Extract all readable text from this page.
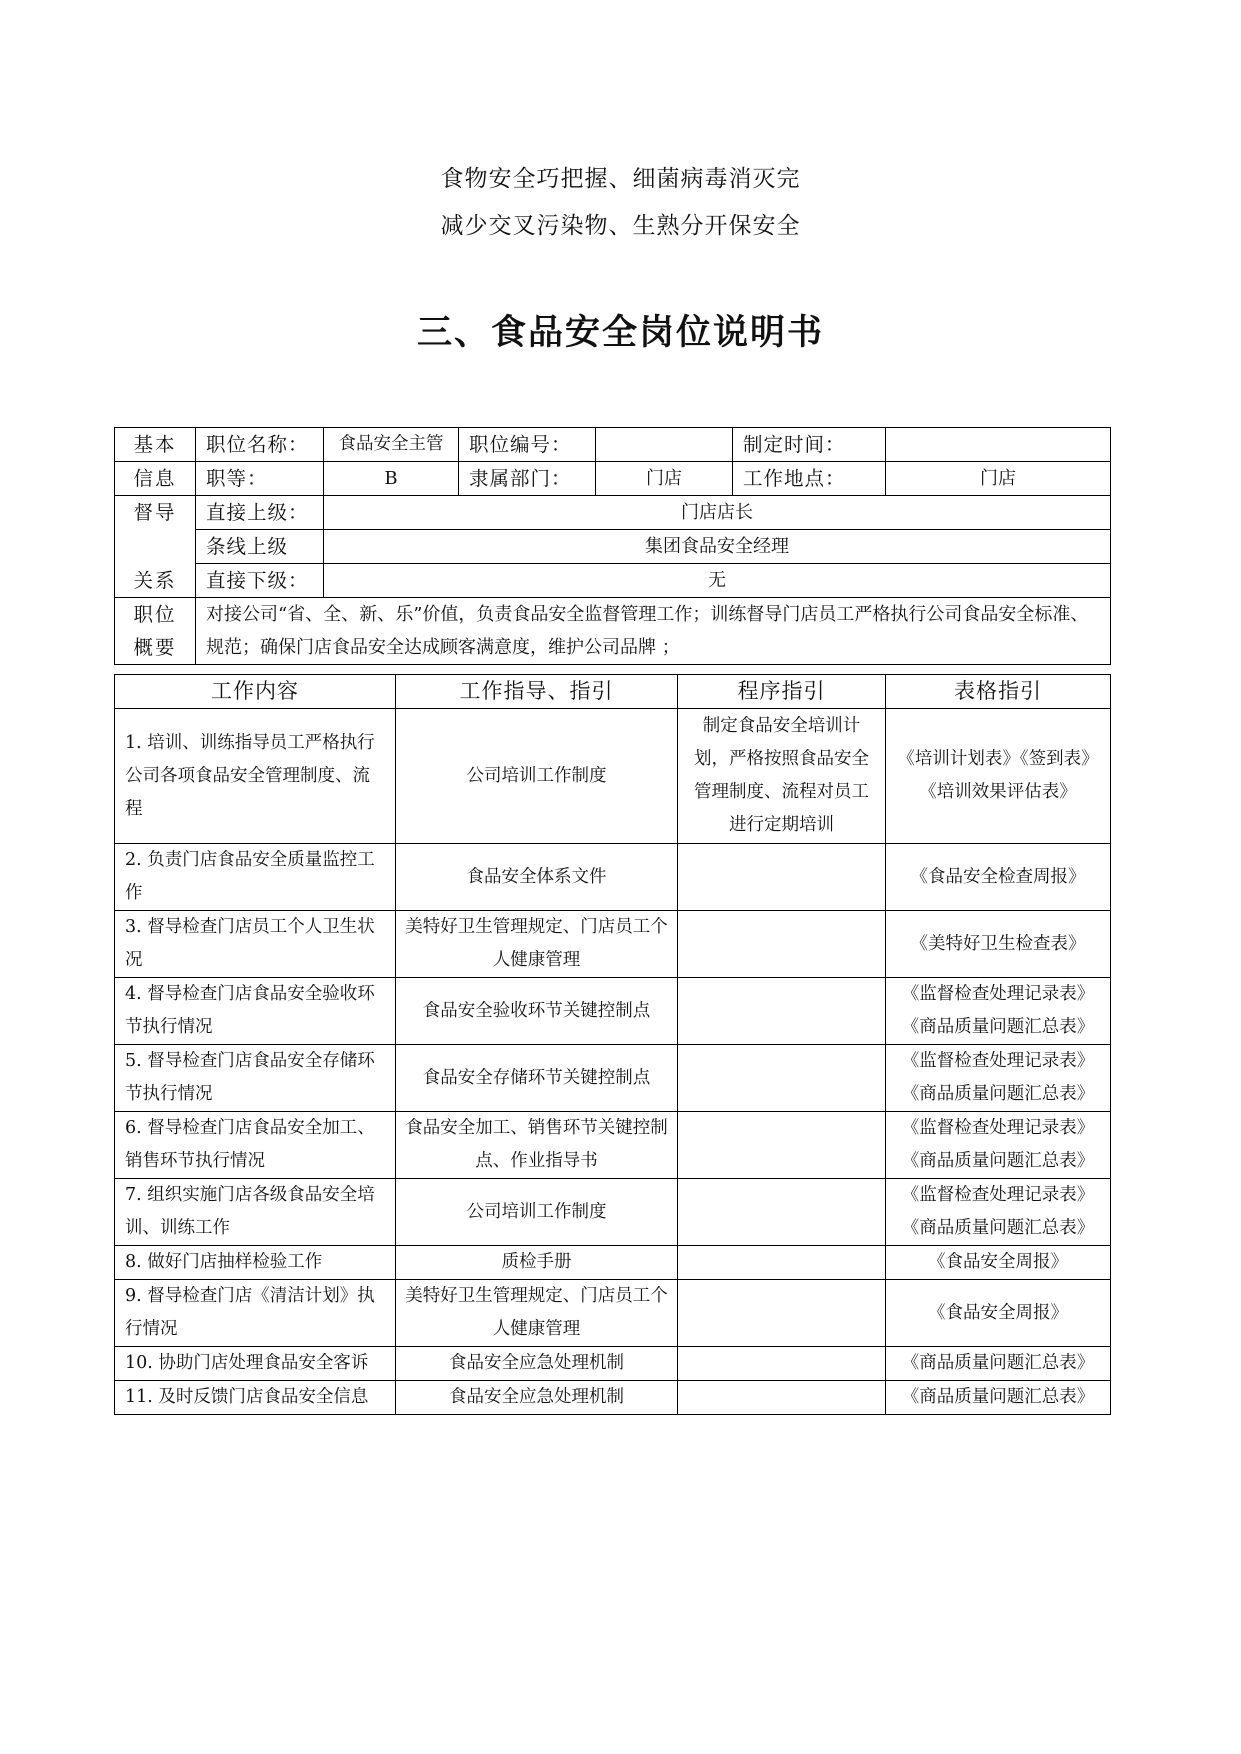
食物安全巧把握、细菌病毒消灭完
减少交叉污染物、生熟分开保安全
三、食品安全岗位说明书
基本	职位名称：	食品安全主管	职位编号：		制定时间：	
信息	职等：	B	隶属部门：	门店	工作地点：	门店

督导
关系	直接上级：	门店店长				
	条线上级	集团食品安全经理				
	直接下级：	无				

职位
概要	对接公司“省、全、新、乐”价值，负责食品安全监督管理工作；训练督导门店员工严格执行公司食品安全标准、规范；确保门店食品安全达成顾客满意度，维护公司品牌 ；					
工作内容	工作指导、指引	程序指引	表格指引
1. 培训、训练指导员工严格执行公司各项食品安全管理制度、流程	公司培训工作制度	制定食品安全培训计划，严格按照食品安全管理制度、流程对员工进行定期培训	《培训计划表》《签到表》
《培训效果评估表》
2. 负责门店食品安全质量监控工作	食品安全体系文件		《食品安全检查周报》
3. 督导检查门店员工个人卫生状况	美特好卫生管理规定、门店员工个人健康管理		《美特好卫生检查表》
4. 督导检查门店食品安全验收环节执行情况	食品安全验收环节关键控制点		《监督检查处理记录表》
《商品质量问题汇总表》
5. 督导检查门店食品安全存储环节执行情况	食品安全存储环节关键控制点		《监督检查处理记录表》
《商品质量问题汇总表》
6. 督导检查门店食品安全加工、销售环节执行情况	食品安全加工、销售环节关键控制点、作业指导书		《监督检查处理记录表》
《商品质量问题汇总表》
7. 组织实施门店各级食品安全培训、训练工作	公司培训工作制度		《监督检查处理记录表》
《商品质量问题汇总表》
8. 做好门店抽样检验工作	质检手册		《食品安全周报》
9. 督导检查门店《清洁计划》执行情况	美特好卫生管理规定、门店员工个人健康管理		《食品安全周报》
10. 协助门店处理食品安全客诉	食品安全应急处理机制		《商品质量问题汇总表》
11. 及时反馈门店食品安全信息	食品安全应急处理机制		《商品质量问题汇总表》
